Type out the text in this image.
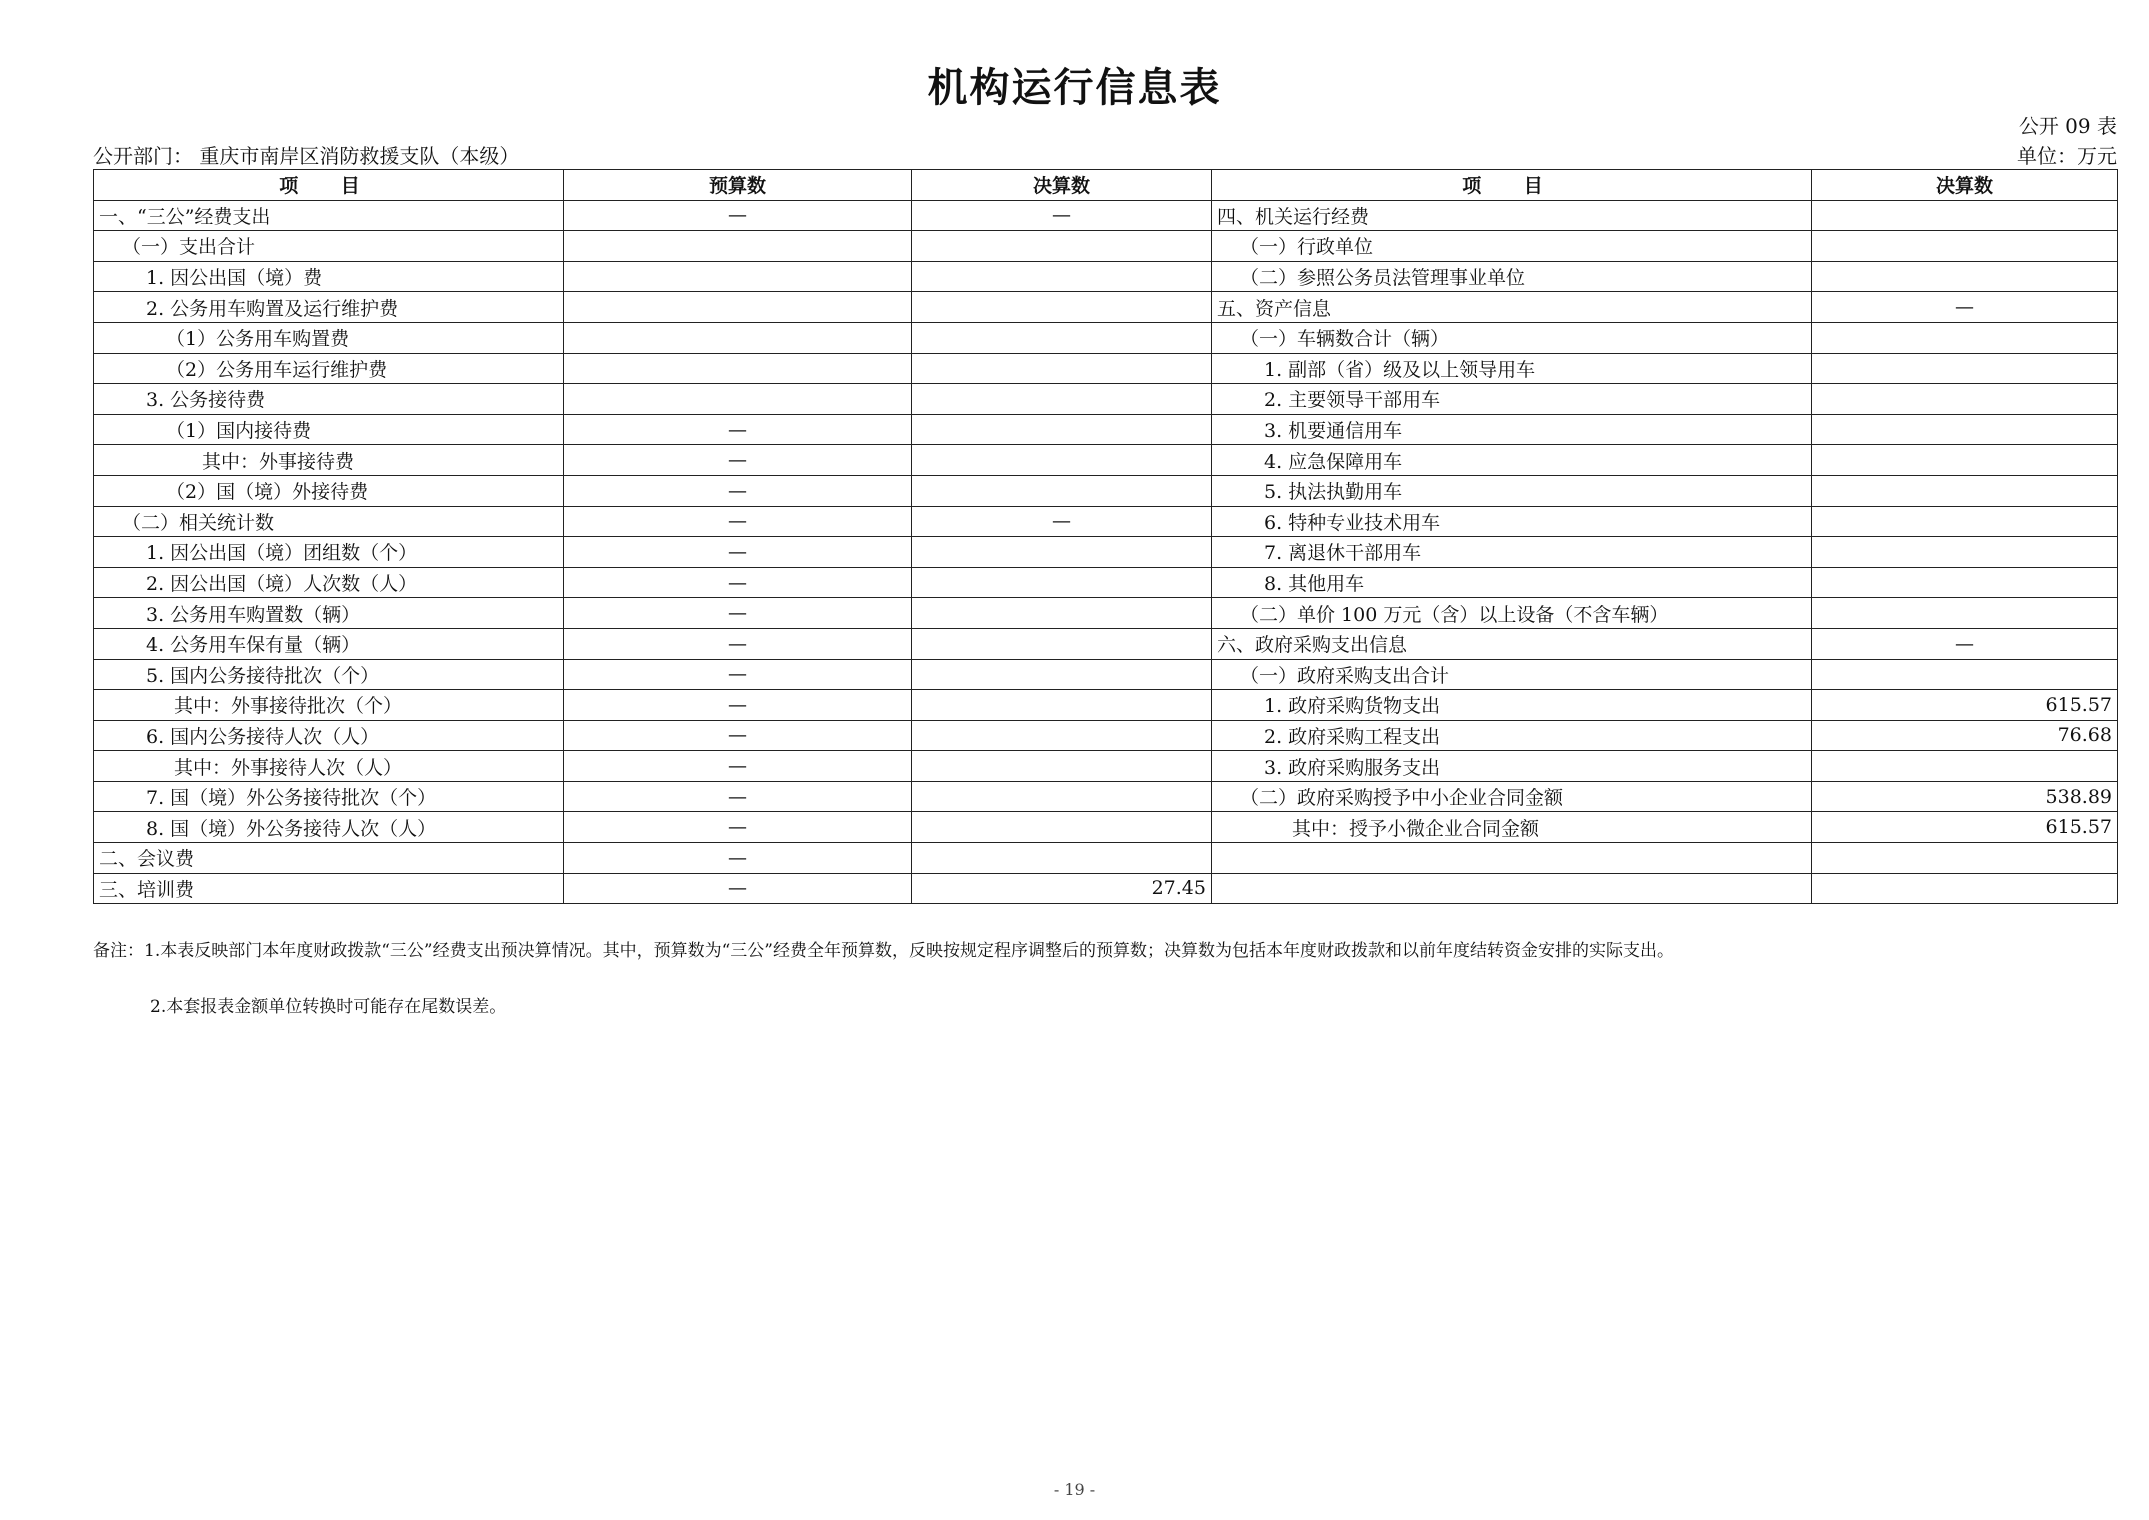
机构运行信息表
公开 09 表
公开部门： 重庆市南岸区消防救援支队（本级）	单位：万元
项 目	预算数	决算数	项 目	决算数
一、“三公”经费支出	—	—	四、机关运行经费	
（一）支出合计			（一）行政单位	
1. 因公出国（境）费			（二）参照公务员法管理事业单位	
2. 公务用车购置及运行维护费			五、资产信息	—
（1）公务用车购置费			（一）车辆数合计（辆）	
（2）公务用车运行维护费			1. 副部（省）级及以上领导用车	
3. 公务接待费			2. 主要领导干部用车	
（1）国内接待费	—		3. 机要通信用车	
其中：外事接待费	—		4. 应急保障用车	
（2）国（境）外接待费	—		5. 执法执勤用车	
（二）相关统计数	—	—	6. 特种专业技术用车	
1. 因公出国（境）团组数（个）	—		7. 离退休干部用车	
2. 因公出国（境）人次数（人）	—		8. 其他用车	
3. 公务用车购置数（辆）	—		（二）单价 100 万元（含）以上设备（不含车辆）	
4. 公务用车保有量（辆）	—		六、政府采购支出信息	—
5. 国内公务接待批次（个）	—		（一）政府采购支出合计	
其中：外事接待批次（个）	—		1. 政府采购货物支出	615.57
6. 国内公务接待人次（人）	—		2. 政府采购工程支出	76.68
其中：外事接待人次（人）	—		3. 政府采购服务支出	
7. 国（境）外公务接待批次（个）	—		（二）政府采购授予中小企业合同金额	538.89
8. 国（境）外公务接待人次（人）	—		其中：授予小微企业合同金额	615.57
二、会议费	—			
三、培训费	—	27.45		
备注：1.本表反映部门本年度财政拨款“三公”经费支出预决算情况。其中，预算数为“三公”经费全年预算数，反映按规定程序调整后的预算数；决算数为包括本年度财政拨款和以前年度结转资金安排的实际支出。
2.本套报表金额单位转换时可能存在尾数误差。
- 19 -
